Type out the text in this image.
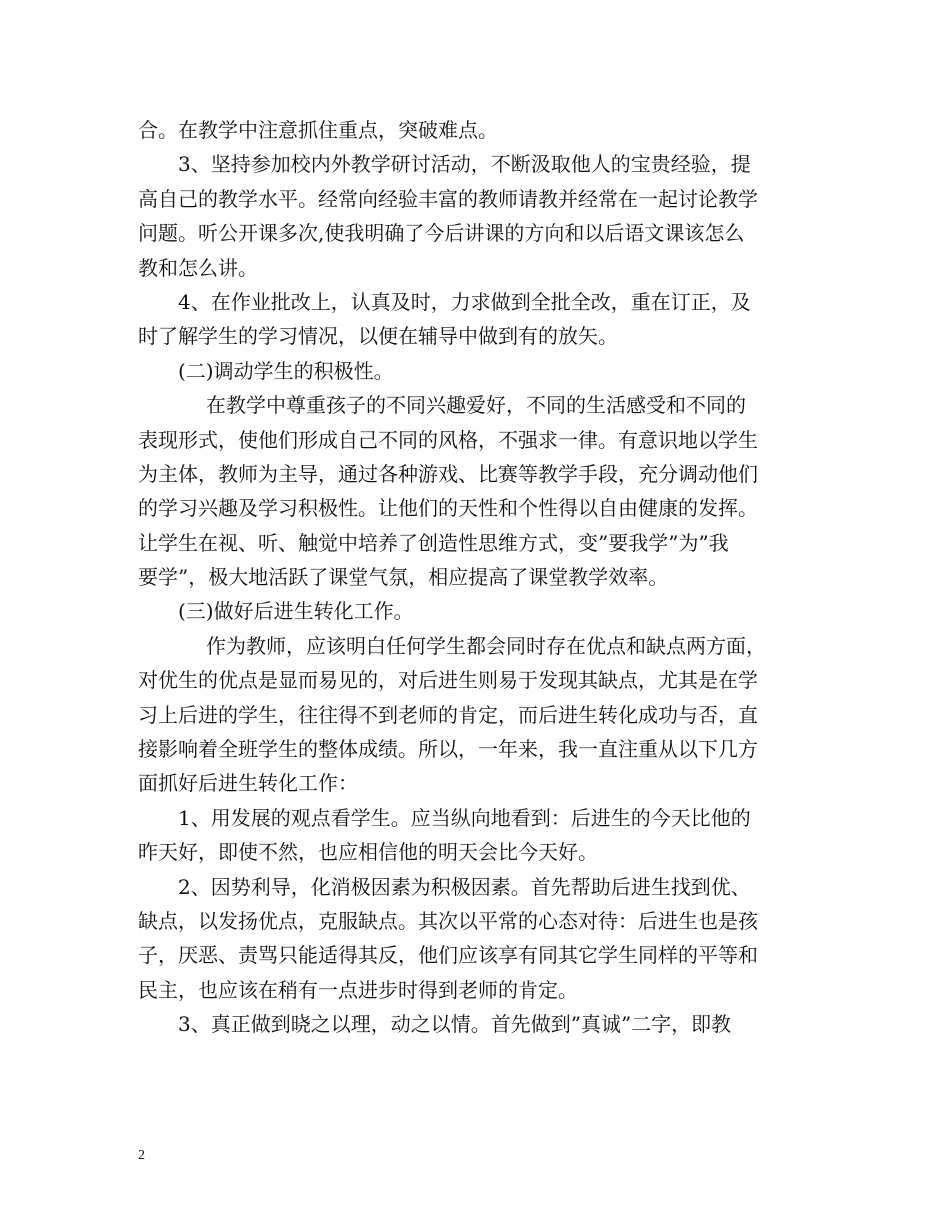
合。在教学中注意抓住重点，突破难点。
3、坚持参加校内外教学研讨活动，不断汲取他人的宝贵经验，提
高自己的教学水平。经常向经验丰富的教师请教并经常在一起讨论教学
问题。听公开课多次,使我明确了今后讲课的方向和以后语文课该怎么
教和怎么讲。
4、在作业批改上，认真及时，力求做到全批全改，重在订正，及
时了解学生的学习情况，以便在辅导中做到有的放矢。
(二)调动学生的积极性。
在教学中尊重孩子的不同兴趣爱好，不同的生活感受和不同的
表现形式，使他们形成自己不同的风格，不强求一律。有意识地以学生
为主体，教师为主导，通过各种游戏、比赛等教学手段，充分调动他们
的学习兴趣及学习积极性。让他们的天性和个性得以自由健康的发挥。
让学生在视、听、触觉中培养了创造性思维方式，变”要我学”为”我
要学”，极大地活跃了课堂气氛，相应提高了课堂教学效率。
(三)做好后进生转化工作。
作为教师，应该明白任何学生都会同时存在优点和缺点两方面，
对优生的优点是显而易见的，对后进生则易于发现其缺点，尤其是在学
习上后进的学生，往往得不到老师的肯定，而后进生转化成功与否，直
接影响着全班学生的整体成绩。所以，一年来，我一直注重从以下几方
面抓好后进生转化工作：
1、用发展的观点看学生。应当纵向地看到：后进生的今天比他的
昨天好，即使不然，也应相信他的明天会比今天好。
2、因势利导，化消极因素为积极因素。首先帮助后进生找到优、
缺点，以发扬优点，克服缺点。其次以平常的心态对待：后进生也是孩
子，厌恶、责骂只能适得其反，他们应该享有同其它学生同样的平等和
民主，也应该在稍有一点进步时得到老师的肯定。
3、真正做到晓之以理，动之以情。首先做到”真诚”二字，即教
2
